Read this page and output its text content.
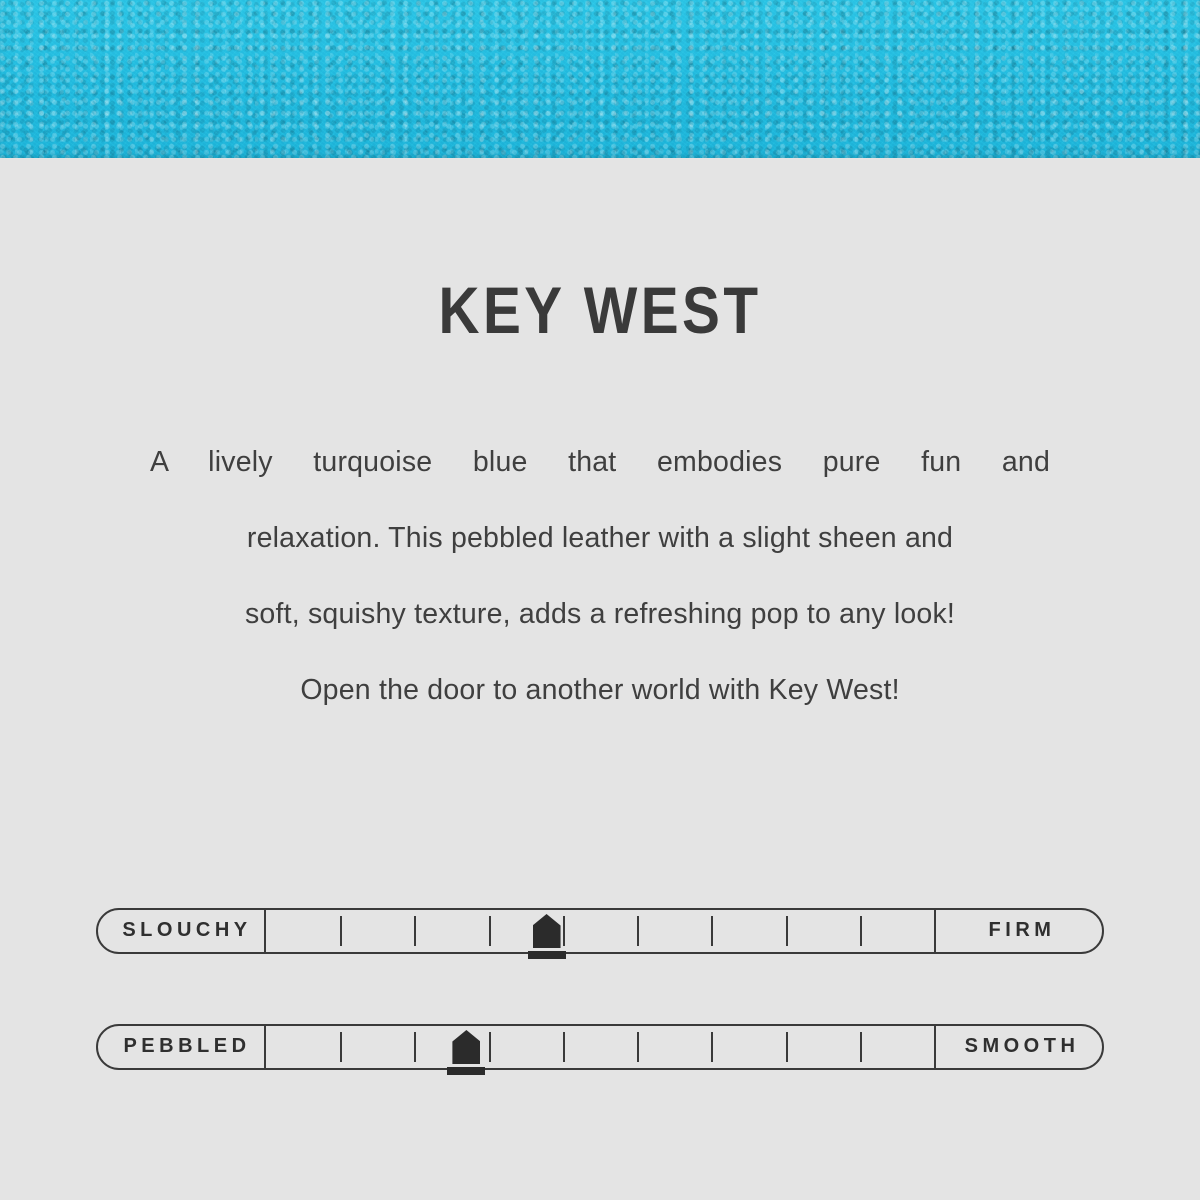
KEY WEST
A lively turquoise blue that embodies pure fun and
relaxation. This pebbled leather with a slight sheen and
soft, squishy texture, adds a refreshing pop to any look!
Open the door to another world with Key West!
SLOUCHY	FIRM
PEBBLED	SMOOTH
